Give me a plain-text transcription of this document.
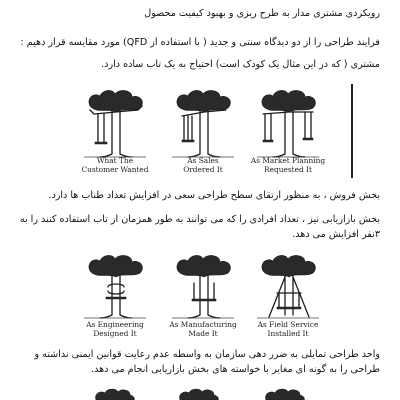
رویکردی مشتری مدار به طرح ریزی و بهبود کیفیت محصول
فرایند طراحی را از دو دیدگاه سنتی و جدید ( با استفاده از QFD) مورد مقایسه قرار دهیم :
مشتری ( که در این مثال یک کودک است) احتیاج به یک تاب ساده دارد.
What The
Customer Wanted
As Sales
Ordered It
As Market Planning
Requested It
بخش فروش ، به منظور ارتقای سطح طراحی سعی در افزایش تعداد طناب ها دارد.
بخش بازاریابی نیز ، تعداد افرادی را که می توانند به طور همزمان از تاب استفاده کنند را به ۳نفر افزایش می دهد.
As Engineering
Designed It
As Manufacturing
Made It
As Field Service
Installed It
واحد طراحی تمایلی به ضرر دهی سازمان به واسطه عدم رعایت قوانین ایمنی نداشته و طراحی را به گونه ای مغایر با خواسته های بخش بازاریابی انجام می دهد.
